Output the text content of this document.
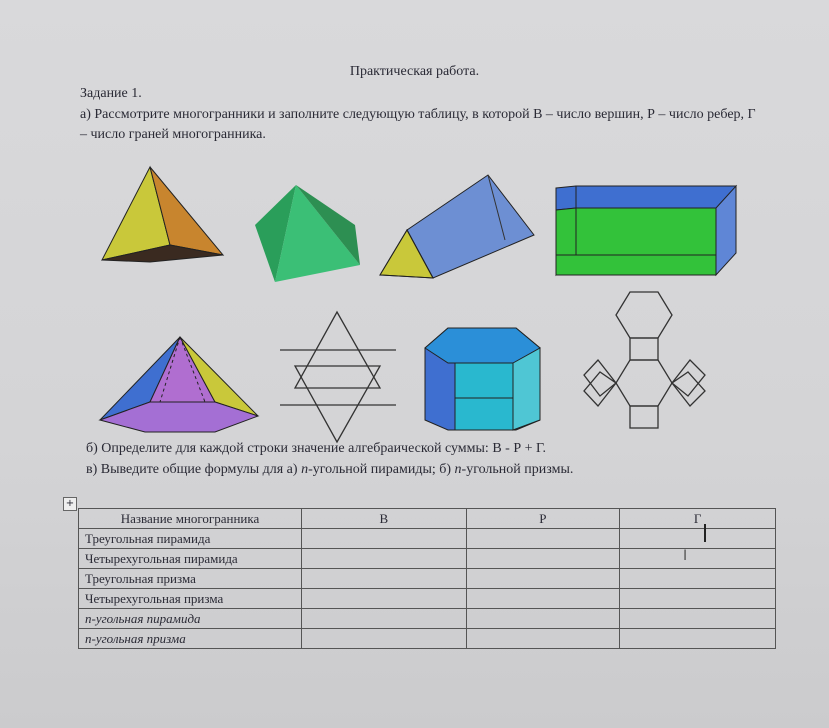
Практическая работа.
Задание 1.
а) Рассмотрите многогранники и заполните следующую таблицу, в которой В – число вершин, Р – число ребер, Г – число граней многогранника.
б) Определите для каждой строки значение алгебраической суммы: В - Р + Г.
в) Выведите общие формулы для а) n-угольной пирамиды; б) n-угольной призмы.
+
Название многогранника	В	Р	Г
Треугольная пирамида			
Четырехугольная пирамида			
Треугольная призма			
Четырехугольная призма			
n-угольная пирамида			
n-угольная призма			
I
